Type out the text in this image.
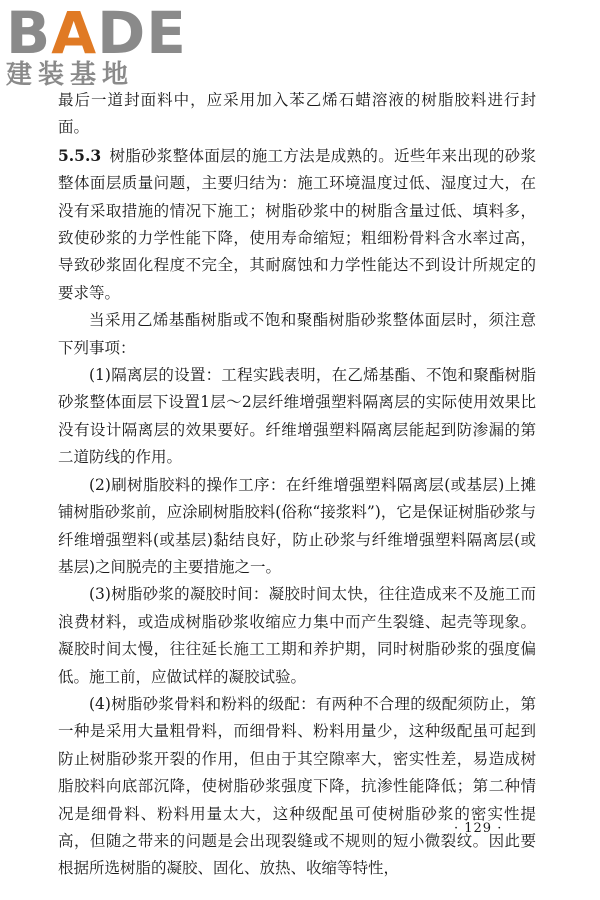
BADE
建装基地

最后一道封面料中，应采用加入苯乙烯石蜡溶液的树脂胶料进行封面。

5.5.3 树脂砂浆整体面层的施工方法是成熟的。近些年来出现的砂浆整体面层质量问题，主要归结为：施工环境温度过低、湿度过大，在没有采取措施的情况下施工；树脂砂浆中的树脂含量过低、填料多，致使砂浆的力学性能下降，使用寿命缩短；粗细粉骨料含水率过高，导致砂浆固化程度不完全，其耐腐蚀和力学性能达不到设计所规定的要求等。

当采用乙烯基酯树脂或不饱和聚酯树脂砂浆整体面层时，须注意下列事项：

(1)隔离层的设置：工程实践表明，在乙烯基酯、不饱和聚酯树脂砂浆整体面层下设置1层～2层纤维增强塑料隔离层的实际使用效果比没有设计隔离层的效果要好。纤维增强塑料隔离层能起到防渗漏的第二道防线的作用。

(2)刷树脂胶料的操作工序：在纤维增强塑料隔离层(或基层)上摊铺树脂砂浆前，应涂刷树脂胶料(俗称“接浆料”)，它是保证树脂砂浆与纤维增强塑料(或基层)黏结良好，防止砂浆与纤维增强塑料隔离层(或基层)之间脱壳的主要措施之一。

(3)树脂砂浆的凝胶时间：凝胶时间太快，往往造成来不及施工而浪费材料，或造成树脂砂浆收缩应力集中而产生裂缝、起壳等现象。凝胶时间太慢，往往延长施工工期和养护期，同时树脂砂浆的强度偏低。施工前，应做试样的凝胶试验。

(4)树脂砂浆骨料和粉料的级配：有两种不合理的级配须防止，第一种是采用大量粗骨料，而细骨料、粉料用量少，这种级配虽可起到防止树脂砂浆开裂的作用，但由于其空隙率大，密实性差，易造成树脂胶料向底部沉降，使树脂砂浆强度下降，抗渗性能降低；第二种情况是细骨料、粉料用量太大，这种级配虽可使树脂砂浆的密实性提高，但随之带来的问题是会出现裂缝或不规则的短小微裂纹。因此要根据所选树脂的凝胶、固化、放热、收缩等特性，

· 129 ·
